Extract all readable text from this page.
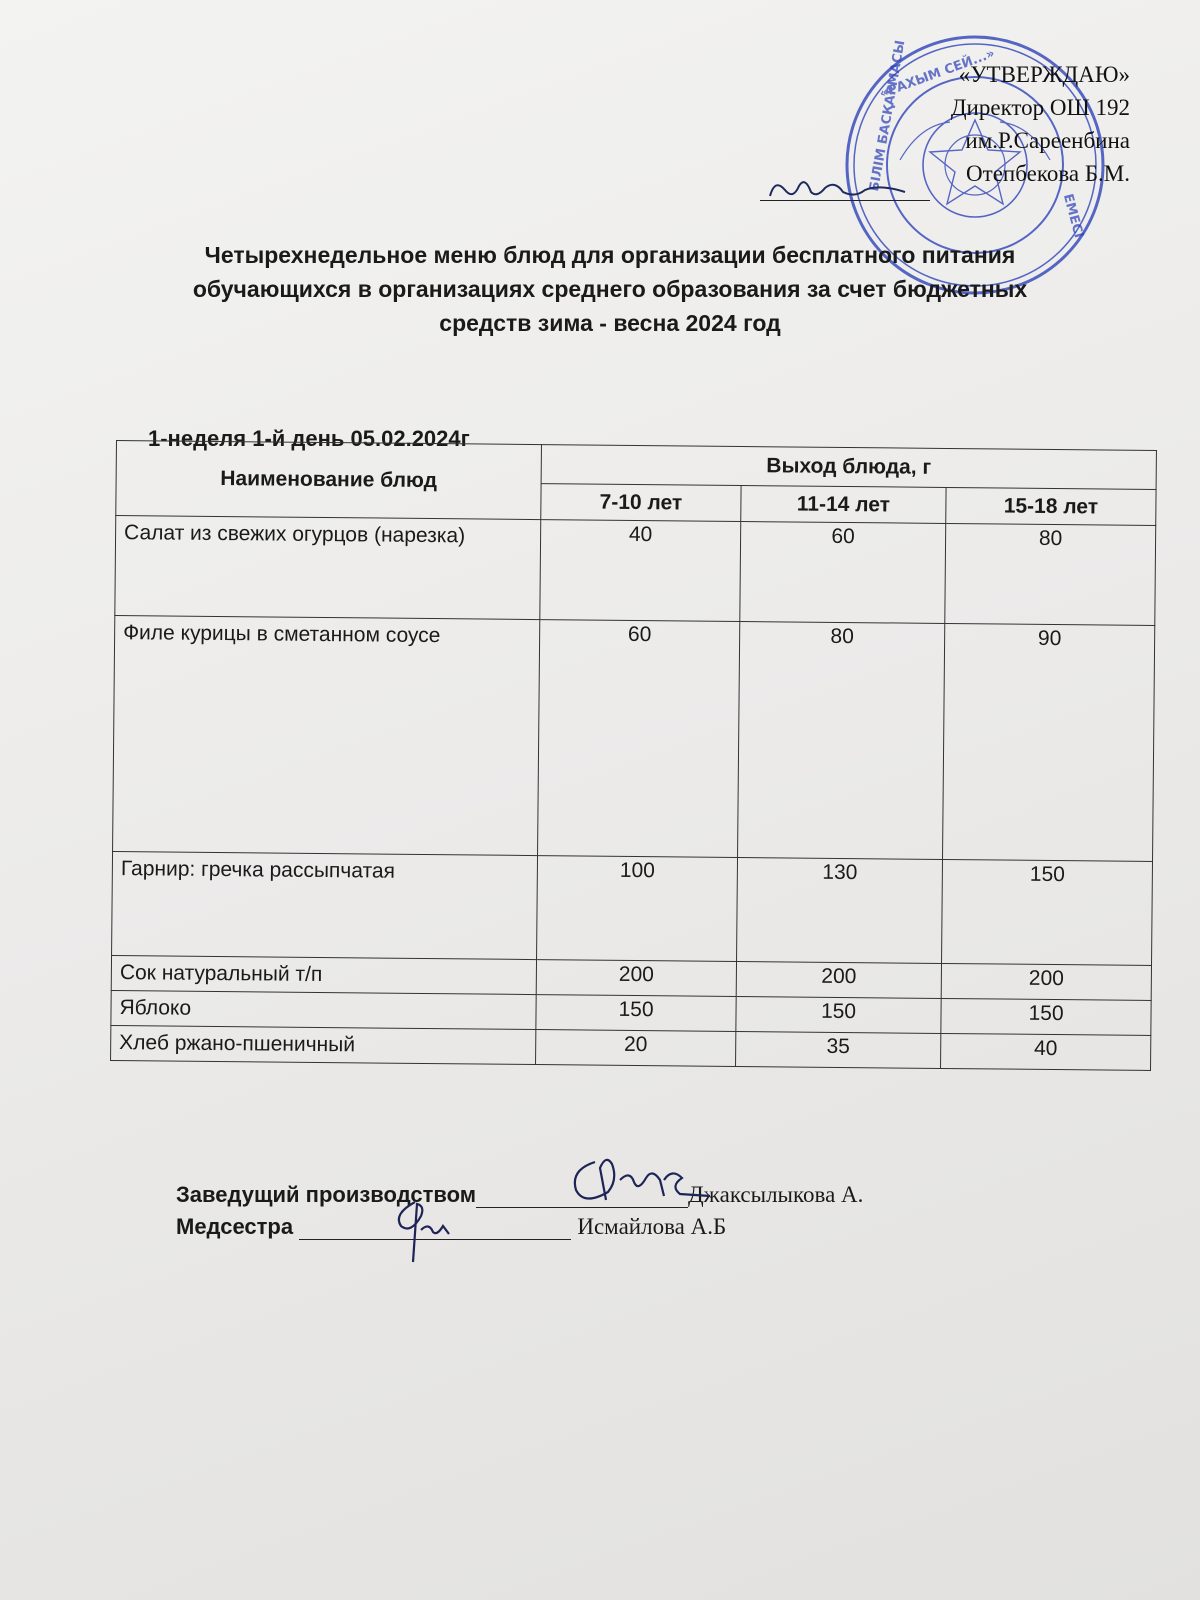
«РАХЫМ СЕЙ...»
БІЛІМ БАСҚАРМАСЫ
ЕМЕСІ
«УТВЕРЖДАЮ»
Директор ОШ 192
им.Р.Сареенбина
Отепбекова Б.М.
Четырехнедельное меню блюд для организации бесплатного питания
обучающихся в организациях среднего образования за счет бюджетных
средств зима - весна 2024 год
1-неделя 1-й день 05.02.2024г
Наименование блюд	Выход блюда, г		
	7-10 лет	11-14 лет	15-18 лет
Салат из свежих огурцов (нарезка)	40	60	80
Филе курицы в сметанном соусе	60	80	90
Гарнир: гречка рассыпчатая	100	130	150
Сок натуральный т/п	200	200	200
Яблоко	150	150	150
Хлеб ржано-пшеничный	20	35	40
Заведущий производством	Джаксылыкова А.
Медсестра	Исмайлова А.Б
